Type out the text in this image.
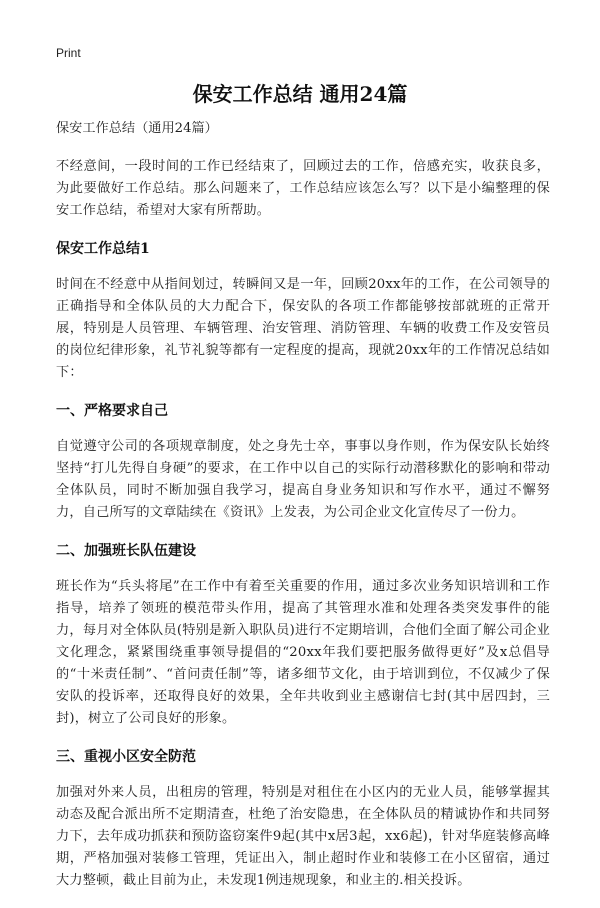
Print
保安工作总结 通用24篇
保安工作总结（通用24篇）

不经意间，一段时间的工作已经结束了，回顾过去的工作，倍感充实，收获良多，为此要做好工作总结。那么问题来了，工作总结应该怎么写？以下是小编整理的保安工作总结，希望对大家有所帮助。

保安工作总结1

时间在不经意中从指间划过，转瞬间又是一年，回顾20xx年的工作，在公司领导的正确指导和全体队员的大力配合下，保安队的各项工作都能够按部就班的正常开展，特别是人员管理、车辆管理、治安管理、消防管理、车辆的收费工作及安管员的岗位纪律形象，礼节礼貌等都有一定程度的提高，现就20xx年的工作情况总结如下：

一、严格要求自己

自觉遵守公司的各项规章制度，处之身先士卒，事事以身作则，作为保安队长始终坚持“打儿先得自身硬”的要求，在工作中以自己的实际行动潜移默化的影响和带动全体队员，同时不断加强自我学习，提高自身业务知识和写作水平，通过不懈努力，自己所写的文章陆续在《资讯》上发表，为公司企业文化宣传尽了一份力。

二、加强班长队伍建设

班长作为“兵头将尾”在工作中有着至关重要的作用，通过多次业务知识培训和工作指导，培养了领班的模范带头作用，提高了其管理水准和处理各类突发事件的能力，每月对全体队员(特别是新入职队员)进行不定期培训，合他们全面了解公司企业文化理念，紧紧围绕重事领导提倡的“20xx年我们要把服务做得更好”及x总倡导的“十米责任制”、“首问责任制”等，诸多细节文化，由于培训到位，不仅减少了保安队的投诉率，还取得良好的效果，全年共收到业主感谢信七封(其中居四封，三封)，树立了公司良好的形象。

三、重视小区安全防范

加强对外来人员，出租房的管理，特别是对租住在小区内的无业人员，能够掌握其动态及配合派出所不定期清查，杜绝了治安隐患，在全体队员的精诚协作和共同努力下，去年成功抓获和预防盗窃案件9起(其中x居3起，xx6起)，针对华庭装修高峰期，严格加强对装修工管理，凭证出入，制止超时作业和装修工在小区留宿，通过大力整顿，截止目前为止，未发现1例违规现象，和业主的.相关投诉。
